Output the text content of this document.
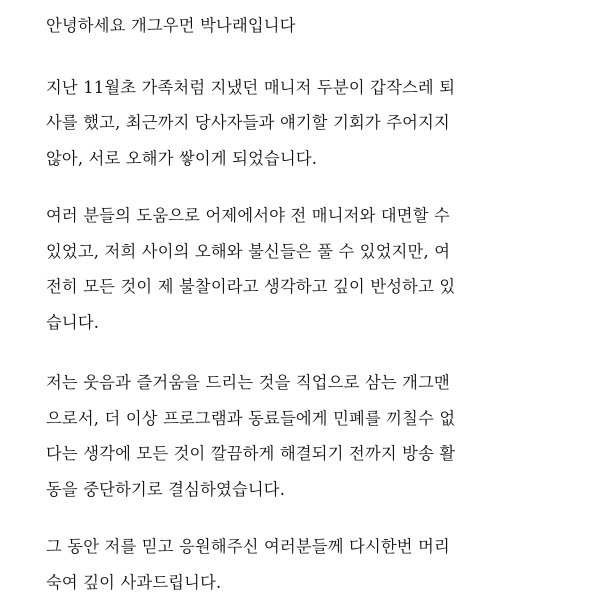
안녕하세요 개그우먼 박나래입니다

지난 11월초 가족처럼 지냈던 매니저 두분이 갑작스레 퇴
사를 했고, 최근까지 당사자들과 얘기할 기회가 주어지지
않아, 서로 오해가 쌓이게 되었습니다.

여러 분들의 도움으로 어제에서야 전 매니저와 대면할 수
있었고, 저희 사이의 오해와 불신들은 풀 수 있었지만, 여
전히 모든 것이 제 불찰이라고 생각하고 깊이 반성하고 있
습니다.

저는 웃음과 즐거움을 드리는 것을 직업으로 삼는 개그맨
으로서, 더 이상 프로그램과 동료들에게 민폐를 끼칠수 없
다는 생각에 모든 것이 깔끔하게 해결되기 전까지 방송 활
동을 중단하기로 결심하였습니다.

그 동안 저를 믿고 응원해주신 여러분들께 다시한번 머리
숙여 깊이 사과드립니다.
